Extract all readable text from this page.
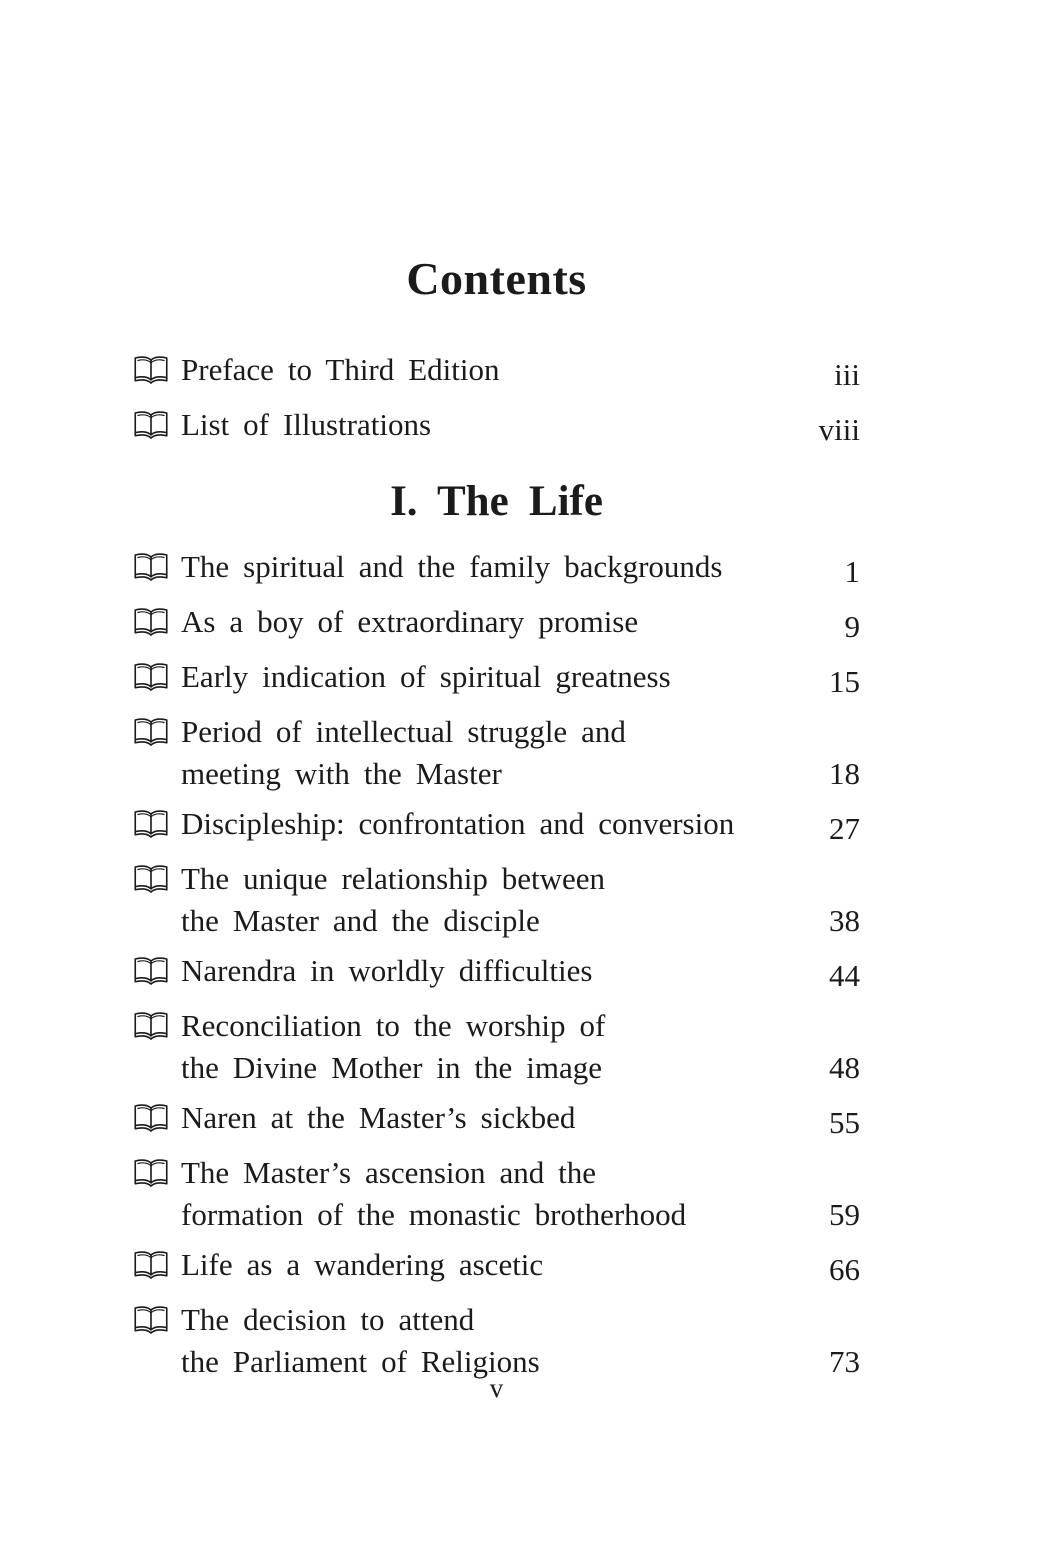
Contents
Preface to Third Edition	iii
List of Illustrations	viii
I. The Life
The spiritual and the family backgrounds	1
As a boy of extraordinary promise	9
Early indication of spiritual greatness	15
Period of intellectual struggle and
meeting with the Master	18
Discipleship: confrontation and conversion	27
The unique relationship between
the Master and the disciple	38
Narendra in worldly difficulties	44
Reconciliation to the worship of
the Divine Mother in the image	48
Naren at the Master’s sickbed	55
The Master’s ascension and the
formation of the monastic brotherhood	59
Life as a wandering ascetic	66
The decision to attend
the Parliament of Religions	73
v
